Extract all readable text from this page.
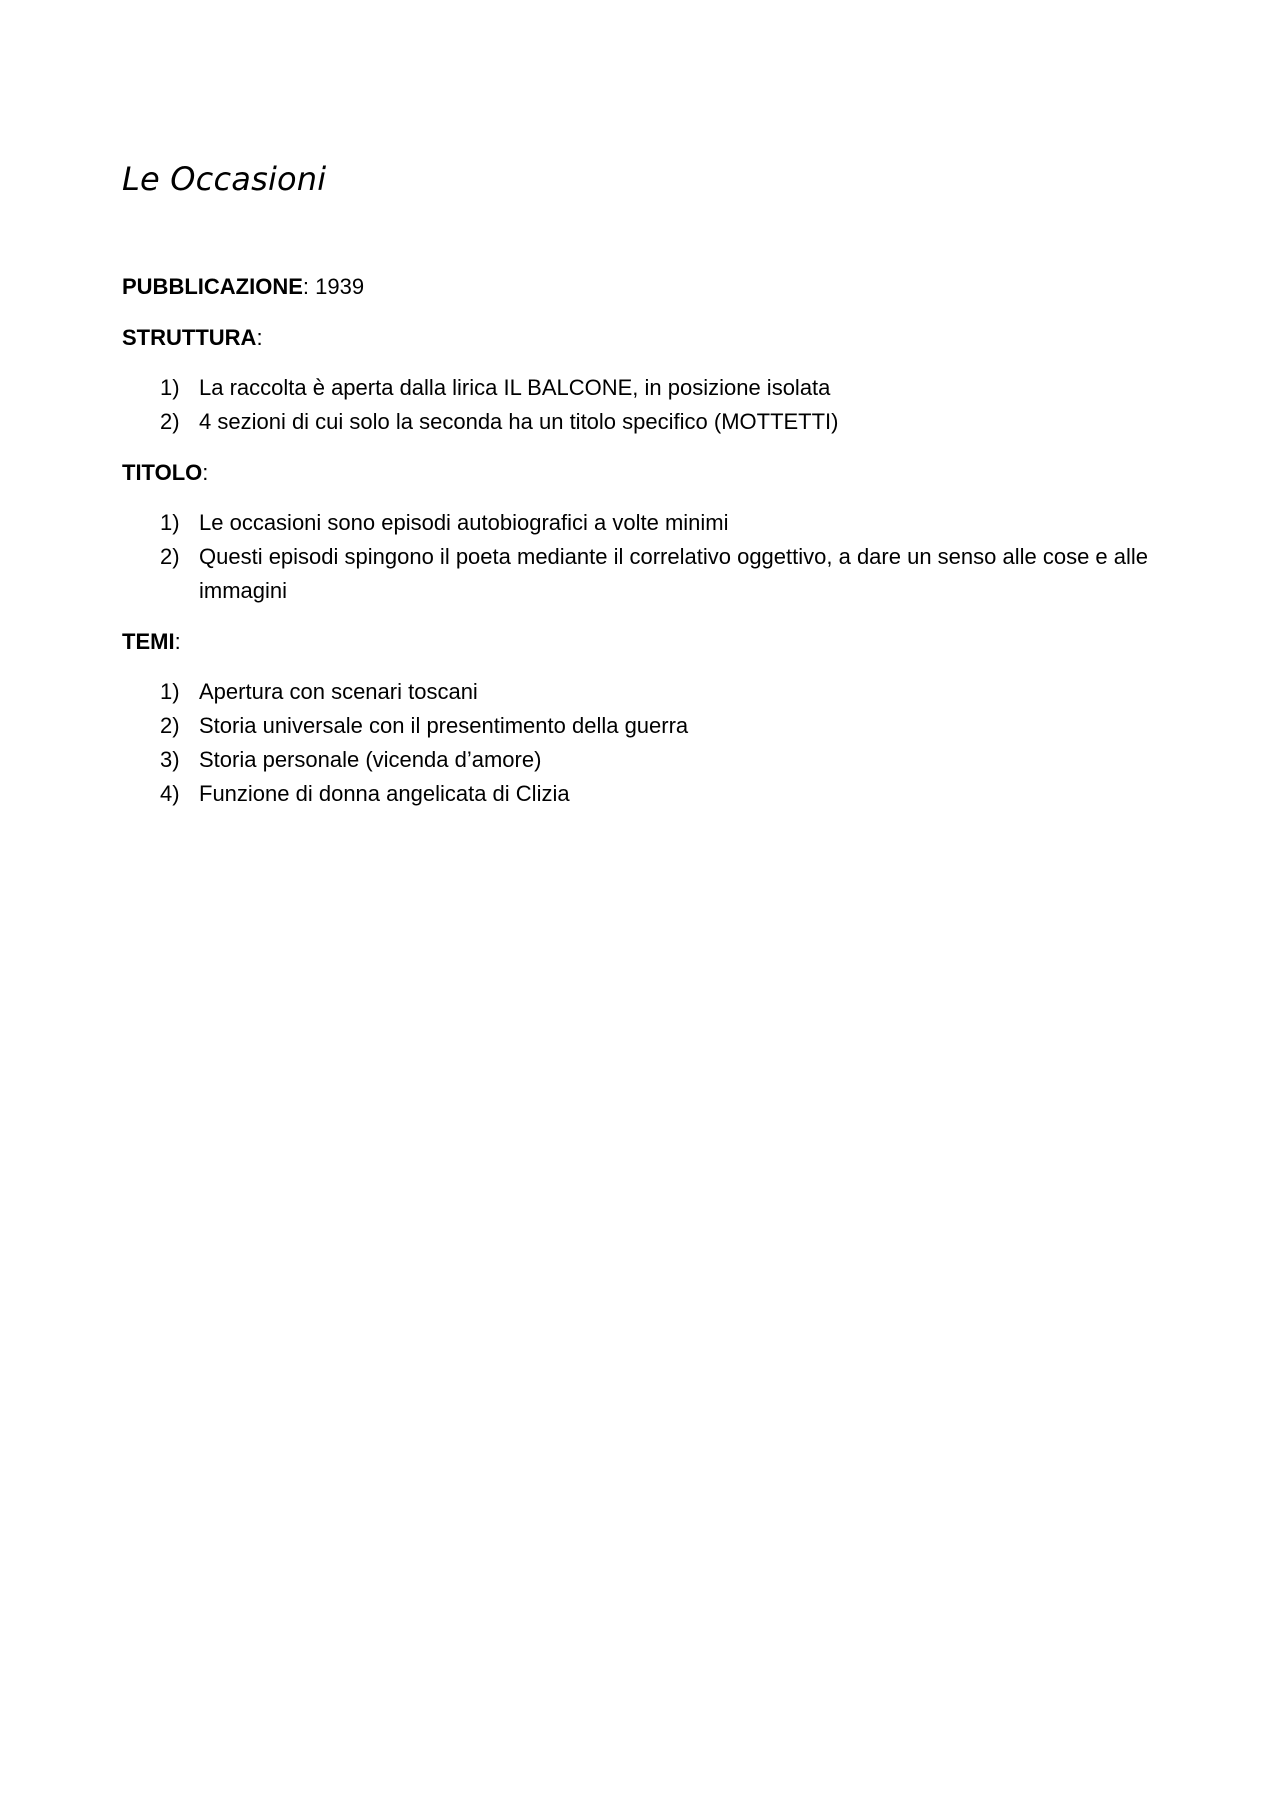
Le Occasioni
PUBBLICAZIONE: 1939
STRUTTURA:
1) La raccolta è aperta dalla lirica IL BALCONE, in posizione isolata
2) 4 sezioni di cui solo la seconda ha un titolo specifico (MOTTETTI)
TITOLO:
1) Le occasioni sono episodi autobiografici a volte minimi
2) Questi episodi spingono il poeta mediante il correlativo oggettivo, a dare un senso alle cose e alle immagini
TEMI:
1) Apertura con scenari toscani
2) Storia universale con il presentimento della guerra
3) Storia personale (vicenda d’amore)
4) Funzione di donna angelicata di Clizia
